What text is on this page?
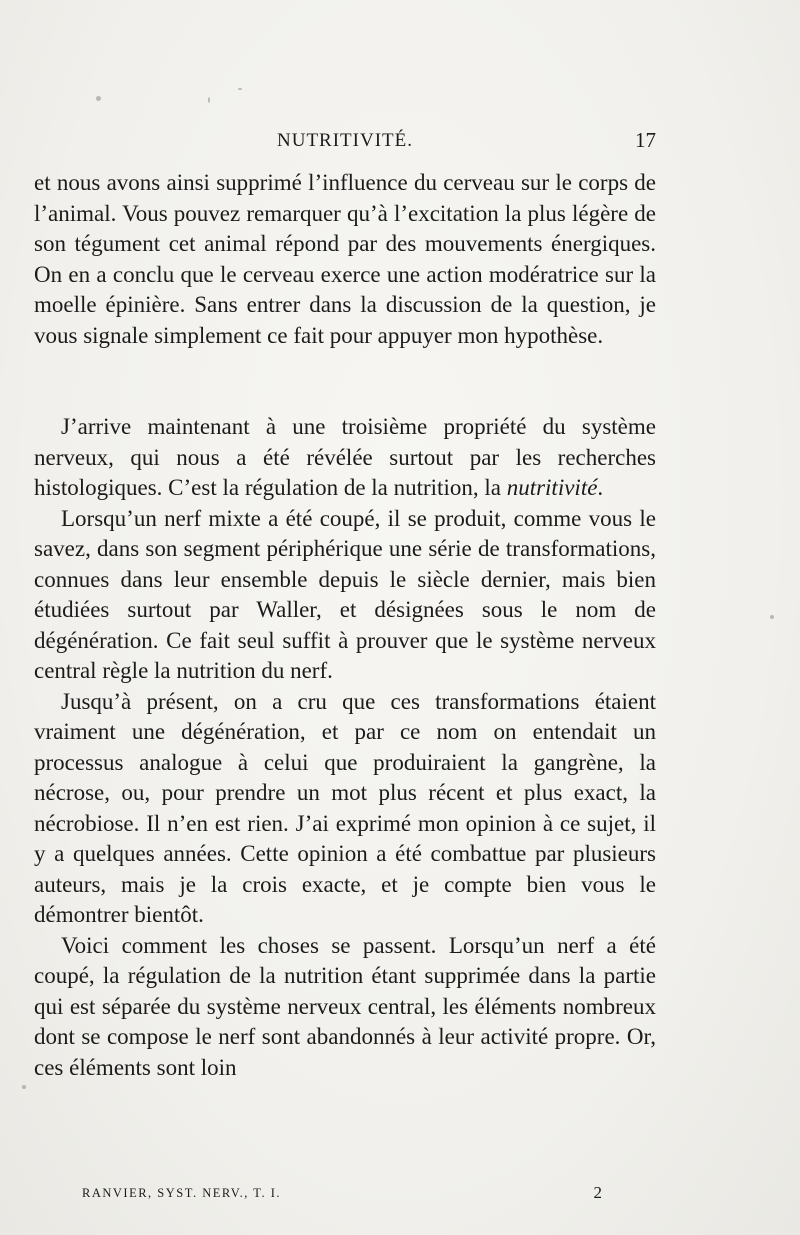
NUTRITIVITÉ.	17

et nous avons ainsi supprimé l’influence du cerveau sur le corps de l’animal. Vous pouvez remarquer qu’à l’excitation la plus légère de son tégument cet animal répond par des mouvements énergiques. On en a conclu que le cerveau exerce une action modératrice sur la moelle épinière. Sans entrer dans la discussion de la question, je vous signale simplement ce fait pour appuyer mon hypothèse.

J’arrive maintenant à une troisième propriété du système nerveux, qui nous a été révélée surtout par les recherches histologiques. C’est la régulation de la nutrition, la nutritivité.

Lorsqu’un nerf mixte a été coupé, il se produit, comme vous le savez, dans son segment périphérique une série de transformations, connues dans leur ensemble depuis le siècle dernier, mais bien étudiées surtout par Waller, et désignées sous le nom de dégénération. Ce fait seul suffit à prouver que le système nerveux central règle la nutrition du nerf.

Jusqu’à présent, on a cru que ces transformations étaient vraiment une dégénération, et par ce nom on entendait un processus analogue à celui que produiraient la gangrène, la nécrose, ou, pour prendre un mot plus récent et plus exact, la nécrobiose. Il n’en est rien. J’ai exprimé mon opinion à ce sujet, il y a quelques années. Cette opinion a été combattue par plusieurs auteurs, mais je la crois exacte, et je compte bien vous le démontrer bientôt.

Voici comment les choses se passent. Lorsqu’un nerf a été coupé, la régulation de la nutrition étant supprimée dans la partie qui est séparée du système nerveux central, les éléments nombreux dont se compose le nerf sont abandonnés à leur activité propre. Or, ces éléments sont loin

RANVIER, SYST. NERV., T. I.	2
